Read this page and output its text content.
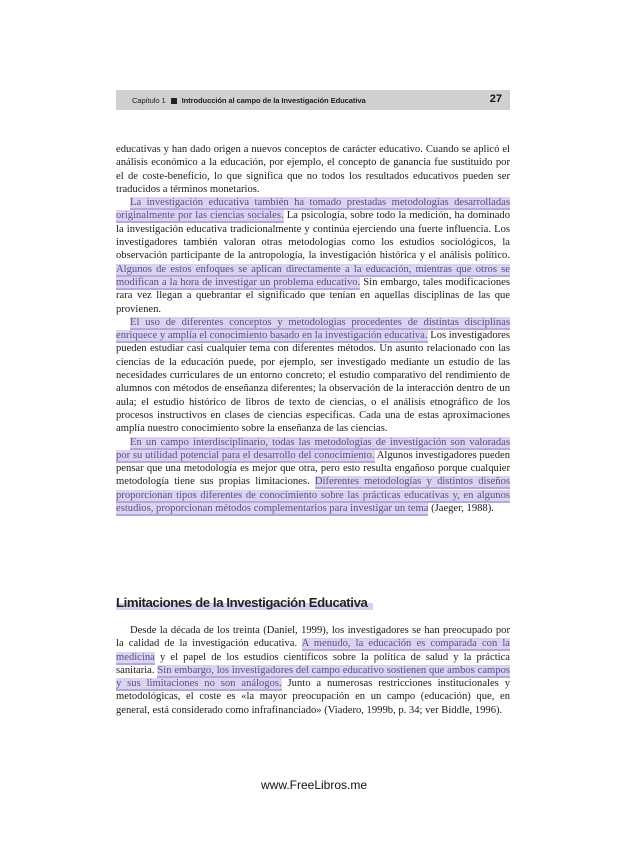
Capítulo 1 Introducción al campo de la Investigación Educativa	27

educativas y han dado origen a nuevos conceptos de carácter educativo. Cuando se aplicó el análisis económico a la educación, por ejemplo, el concepto de ganancia fue sustituido por el de coste-beneficio, lo que significa que no todos los resultados educativos pueden ser traducidos a términos monetarios.

La investigación educativa también ha tomado prestadas metodologías desarrolladas originalmente por las ciencias sociales. La psicología, sobre todo la medición, ha dominado la investigación educativa tradicionalmente y continúa ejerciendo una fuerte influencia. Los investigadores también valoran otras metodologías como los estudios sociológicos, la observación participante de la antropología, la investigación histórica y el análisis político. Algunos de estos enfoques se aplican directamente a la educación, mientras que otros se modifican a la hora de investigar un problema educativo. Sin embargo, tales modificaciones rara vez llegan a quebrantar el significado que tenían en aquellas disciplinas de las que provienen.

El uso de diferentes conceptos y metodologías procedentes de distintas disciplinas enriquece y amplía el conocimiento basado en la investigación educativa. Los investigadores pueden estudiar casi cualquier tema con diferentes métodos. Un asunto relacionado con las ciencias de la educación puede, por ejemplo, ser investigado mediante un estudio de las necesidades curriculares de un entorno concreto; el estudio comparativo del rendimiento de alumnos con métodos de enseñanza diferentes; la observación de la interacción dentro de un aula; el estudio histórico de libros de texto de ciencias, o el análisis etnográfico de los procesos instructivos en clases de ciencias específicas. Cada una de estas aproximaciones amplía nuestro conocimiento sobre la enseñanza de las ciencias.

En un campo interdisciplinario, todas las metodologías de investigación son valoradas por su utilidad potencial para el desarrollo del conocimiento. Algunos investigadores pueden pensar que una metodología es mejor que otra, pero esto resulta engañoso porque cualquier metodología tiene sus propias limitaciones. Diferentes metodologías y distintos diseños proporcionan tipos diferentes de conocimiento sobre las prácticas educativas y, en algunos estudios, proporcionan métodos complementarios para investigar un tema (Jaeger, 1988).

Limitaciones de la Investigación Educativa

Desde la década de los treinta (Daniel, 1999), los investigadores se han preocupado por la calidad de la investigación educativa. A menudo, la educación es comparada con la medicina y el papel de los estudios científicos sobre la política de salud y la práctica sanitaria. Sin embargo, los investigadores del campo educativo sostienen que ambos campos y sus limitaciones no son análogos. Junto a numerosas restricciones institucionales y metodológicas, el coste es «la mayor preocupación en un campo (educación) que, en general, está considerado como infrafinanciado» (Viadero, 1999b, p. 34; ver Biddle, 1996).

www.FreeLibros.me
